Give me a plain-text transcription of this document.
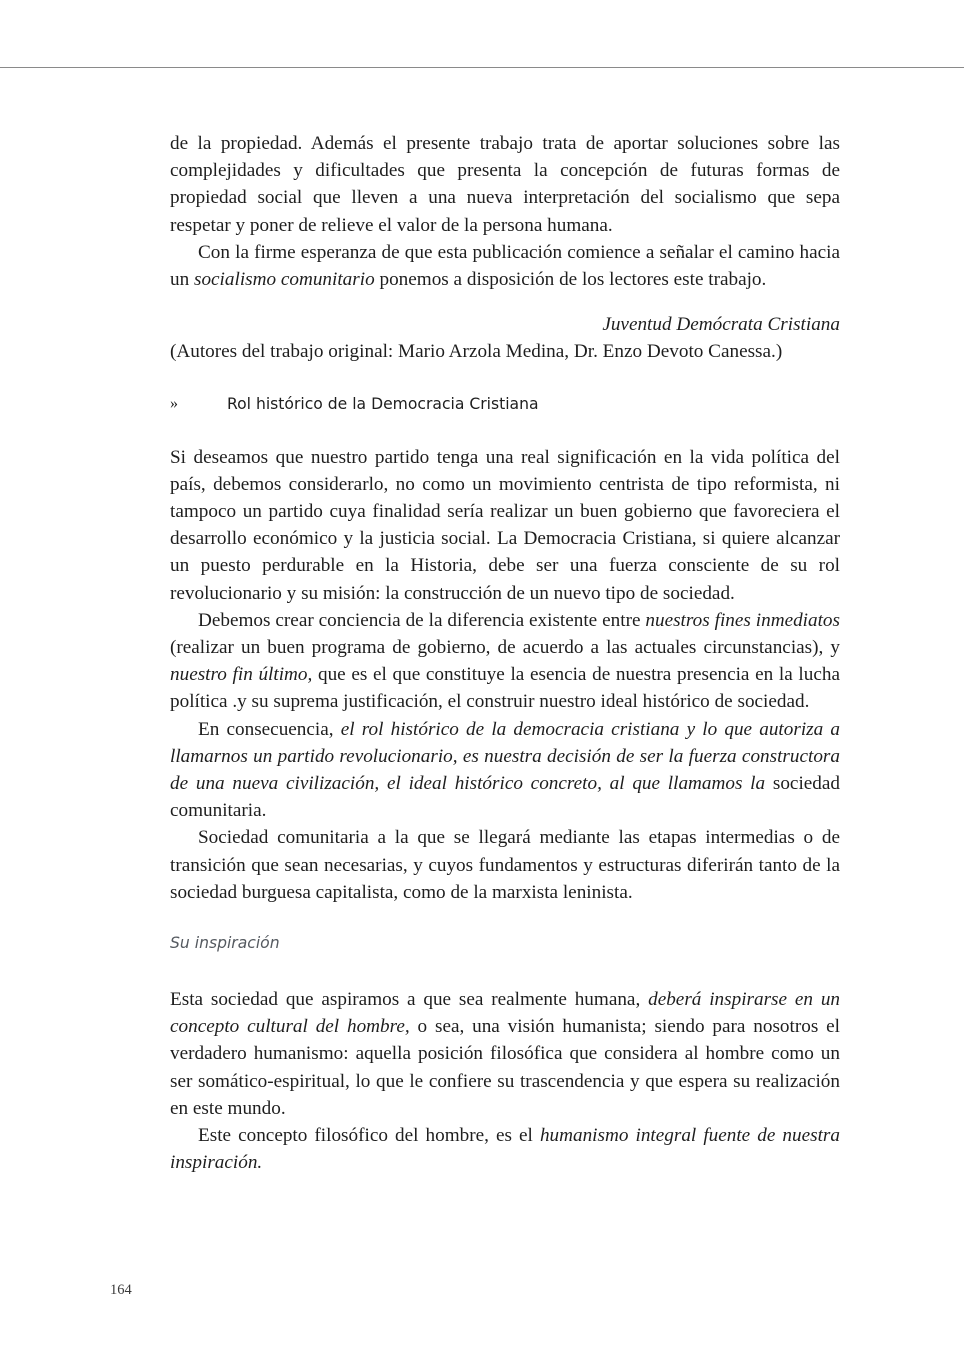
de la propiedad. Además el presente trabajo trata de aportar soluciones sobre las complejidades y dificultades que presenta la concepción de futuras formas de propiedad social que lleven a una nueva interpretación del socialismo que sepa respetar y poner de relieve el valor de la persona humana.

Con la firme esperanza de que esta publicación comience a señalar el camino hacia un socialismo comunitario ponemos a disposición de los lectores este trabajo.

Juventud Demócrata Cristiana

(Autores del trabajo original: Mario Arzola Medina, Dr. Enzo Devoto Canessa.)

»	Rol histórico de la Democracia Cristiana

Si deseamos que nuestro partido tenga una real significación en la vida política del país, debemos considerarlo, no como un movimiento centrista de tipo reformista, ni tampoco un partido cuya finalidad sería realizar un buen gobierno que favoreciera el desarrollo económico y la justicia social. La Democracia Cristiana, si quiere alcanzar un puesto perdurable en la Historia, debe ser una fuerza consciente de su rol revolucionario y su misión: la construcción de un nuevo tipo de sociedad.

Debemos crear conciencia de la diferencia existente entre nuestros fines inmediatos (realizar un buen programa de gobierno, de acuerdo a las actuales circunstancias), y nuestro fin último, que es el que constituye la esencia de nuestra presencia en la lucha política .y su suprema justificación, el construir nuestro ideal histórico de sociedad.

En consecuencia, el rol histórico de la democracia cristiana y lo que autoriza a llamarnos un partido revolucionario, es nuestra decisión de ser la fuerza constructora de una nueva civilización, el ideal histórico concreto, al que llamamos la sociedad comunitaria.

Sociedad comunitaria a la que se llegará mediante las etapas intermedias o de transición que sean necesarias, y cuyos fundamentos y estructuras diferirán tanto de la sociedad burguesa capitalista, como de la marxista leninista.

Su inspiración

Esta sociedad que aspiramos a que sea realmente humana, deberá inspirarse en un concepto cultural del hombre, o sea, una visión humanista; siendo para nosotros el verdadero humanismo: aquella posición filosófica que considera al hombre como un ser somático-espiritual, lo que le confiere su trascendencia y que espera su realización en este mundo.

Este concepto filosófico del hombre, es el humanismo integral fuente de nuestra inspiración.

164
